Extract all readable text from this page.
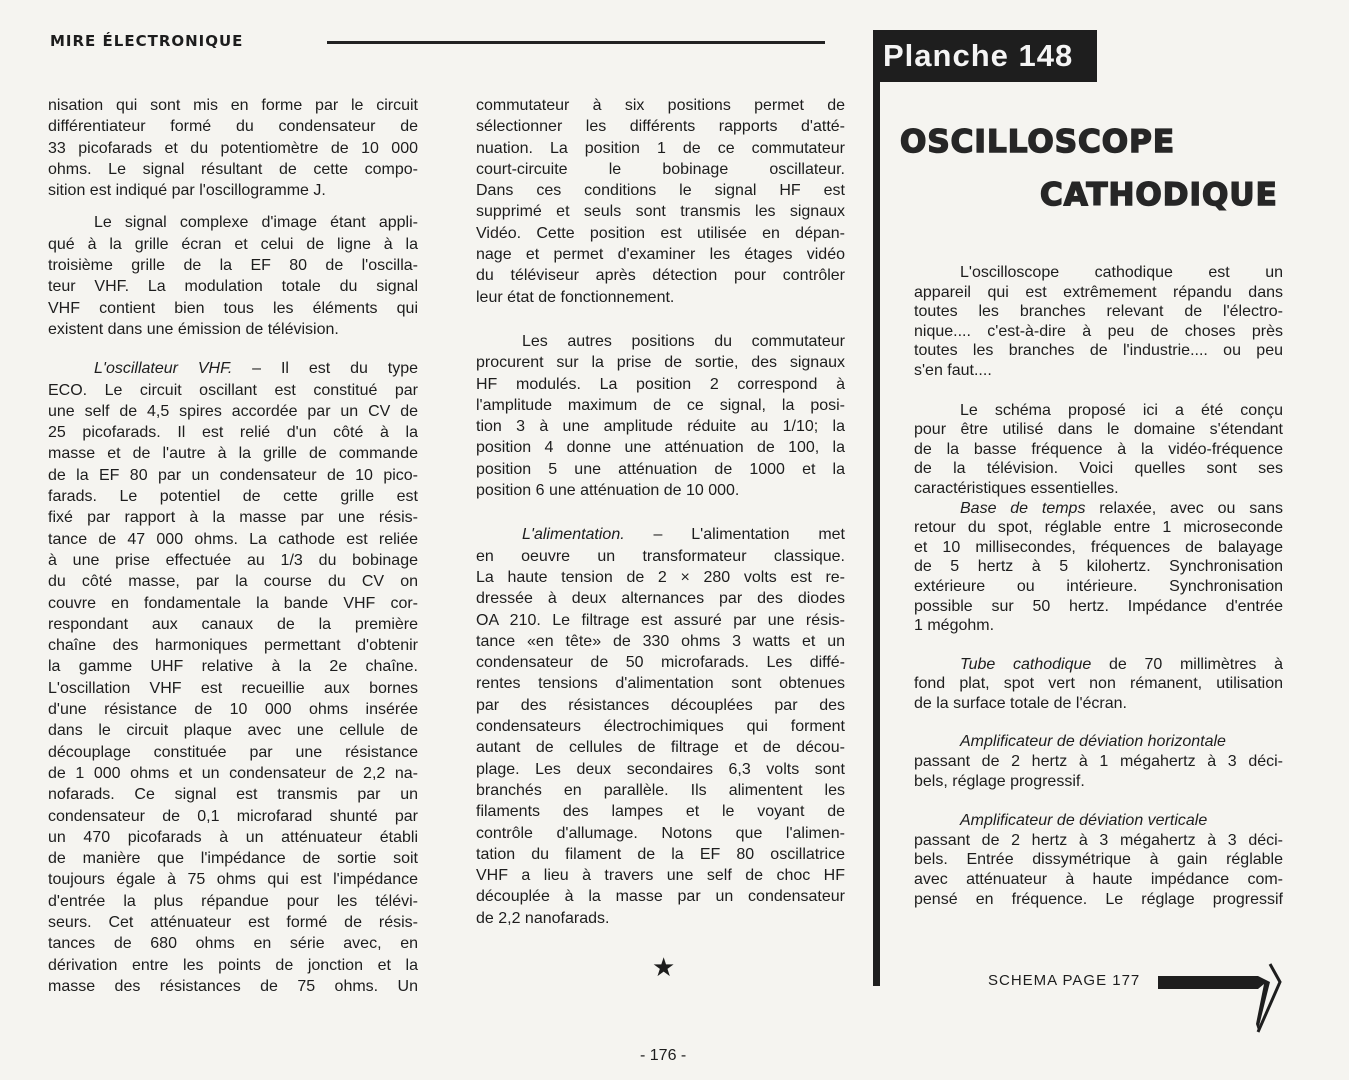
MIRE ÉLECTRONIQUE
nisation qui sont mis en forme par le circuit
différentiateur formé du condensateur de
33 picofarads et du potentiomètre de 10 000
ohms. Le signal résultant de cette compo-
sition est indiqué par l'oscillogramme J.
Le signal complexe d'image étant appli-
qué à la grille écran et celui de ligne à la
troisième grille de la EF 80 de l'oscilla-
teur VHF. La modulation totale du signal
VHF contient bien tous les éléments qui
existent dans une émission de télévision.
L'oscillateur VHF. – Il est du type
ECO. Le circuit oscillant est constitué par
une self de 4,5 spires accordée par un CV de
25 picofarads. Il est relié d'un côté à la
masse et de l'autre à la grille de commande
de la EF 80 par un condensateur de 10 pico-
farads. Le potentiel de cette grille est
fixé par rapport à la masse par une résis-
tance de 47 000 ohms. La cathode est reliée
à une prise effectuée au 1/3 du bobinage
du côté masse, par la course du CV on
couvre en fondamentale la bande VHF cor-
respondant aux canaux de la première
chaîne des harmoniques permettant d'obtenir
la gamme UHF relative à la 2e chaîne.
L'oscillation VHF est recueillie aux bornes
d'une résistance de 10 000 ohms insérée
dans le circuit plaque avec une cellule de
découplage constituée par une résistance
de 1 000 ohms et un condensateur de 2,2 na-
nofarads. Ce signal est transmis par un
condensateur de 0,1 microfarad shunté par
un 470 picofarads à un atténuateur établi
de manière que l'impédance de sortie soit
toujours égale à 75 ohms qui est l'impédance
d'entrée la plus répandue pour les télévi-
seurs. Cet atténuateur est formé de résis-
tances de 680 ohms en série avec, en
dérivation entre les points de jonction et la
masse des résistances de 75 ohms. Un
commutateur à six positions permet de
sélectionner les différents rapports d'atté-
nuation. La position 1 de ce commutateur
court-circuite le bobinage oscillateur.
Dans ces conditions le signal HF est
supprimé et seuls sont transmis les signaux
Vidéo. Cette position est utilisée en dépan-
nage et permet d'examiner les étages vidéo
du téléviseur après détection pour contrôler
leur état de fonctionnement.
Les autres positions du commutateur
procurent sur la prise de sortie, des signaux
HF modulés. La position 2 correspond à
l'amplitude maximum de ce signal, la posi-
tion 3 à une amplitude réduite au 1/10; la
position 4 donne une atténuation de 100, la
position 5 une atténuation de 1000 et la
position 6 une atténuation de 10 000.
L'alimentation. – L'alimentation met
en oeuvre un transformateur classique.
La haute tension de 2 × 280 volts est re-
dressée à deux alternances par des diodes
OA 210. Le filtrage est assuré par une résis-
tance «en tête» de 330 ohms 3 watts et un
condensateur de 50 microfarads. Les diffé-
rentes tensions d'alimentation sont obtenues
par des résistances découplées par des
condensateurs électrochimiques qui forment
autant de cellules de filtrage et de décou-
plage. Les deux secondaires 6,3 volts sont
branchés en parallèle. Ils alimentent les
filaments des lampes et le voyant de
contrôle d'allumage. Notons que l'alimen-
tation du filament de la EF 80 oscillatrice
VHF a lieu à travers une self de choc HF
découplée à la masse par un condensateur
de 2,2 nanofarads.
Planche 148
OSCILLOSCOPE
CATHODIQUE
L'oscilloscope cathodique est un
appareil qui est extrêmement répandu dans
toutes les branches relevant de l'électro-
nique.... c'est-à-dire à peu de choses près
toutes les branches de l'industrie.... ou peu
s'en faut....
Le schéma proposé ici a été conçu
pour être utilisé dans le domaine s'étendant
de la basse fréquence à la vidéo-fréquence
de la télévision. Voici quelles sont ses
caractéristiques essentielles.
Base de temps relaxée, avec ou sans
retour du spot, réglable entre 1 microseconde
et 10 millisecondes, fréquences de balayage
de 5 hertz à 5 kilohertz. Synchronisation
extérieure ou intérieure. Synchronisation
possible sur 50 hertz. Impédance d'entrée
1 mégohm.
Tube cathodique de 70 millimètres à
fond plat, spot vert non rémanent, utilisation
de la surface totale de l'écran.
Amplificateur de déviation horizontale
passant de 2 hertz à 1 mégahertz à 3 déci-
bels, réglage progressif.
Amplificateur de déviation verticale
passant de 2 hertz à 3 mégahertz à 3 déci-
bels. Entrée dissymétrique à gain réglable
avec atténuateur à haute impédance com-
pensé en fréquence. Le réglage progressif
★	SCHEMA PAGE 177
- 176 -
